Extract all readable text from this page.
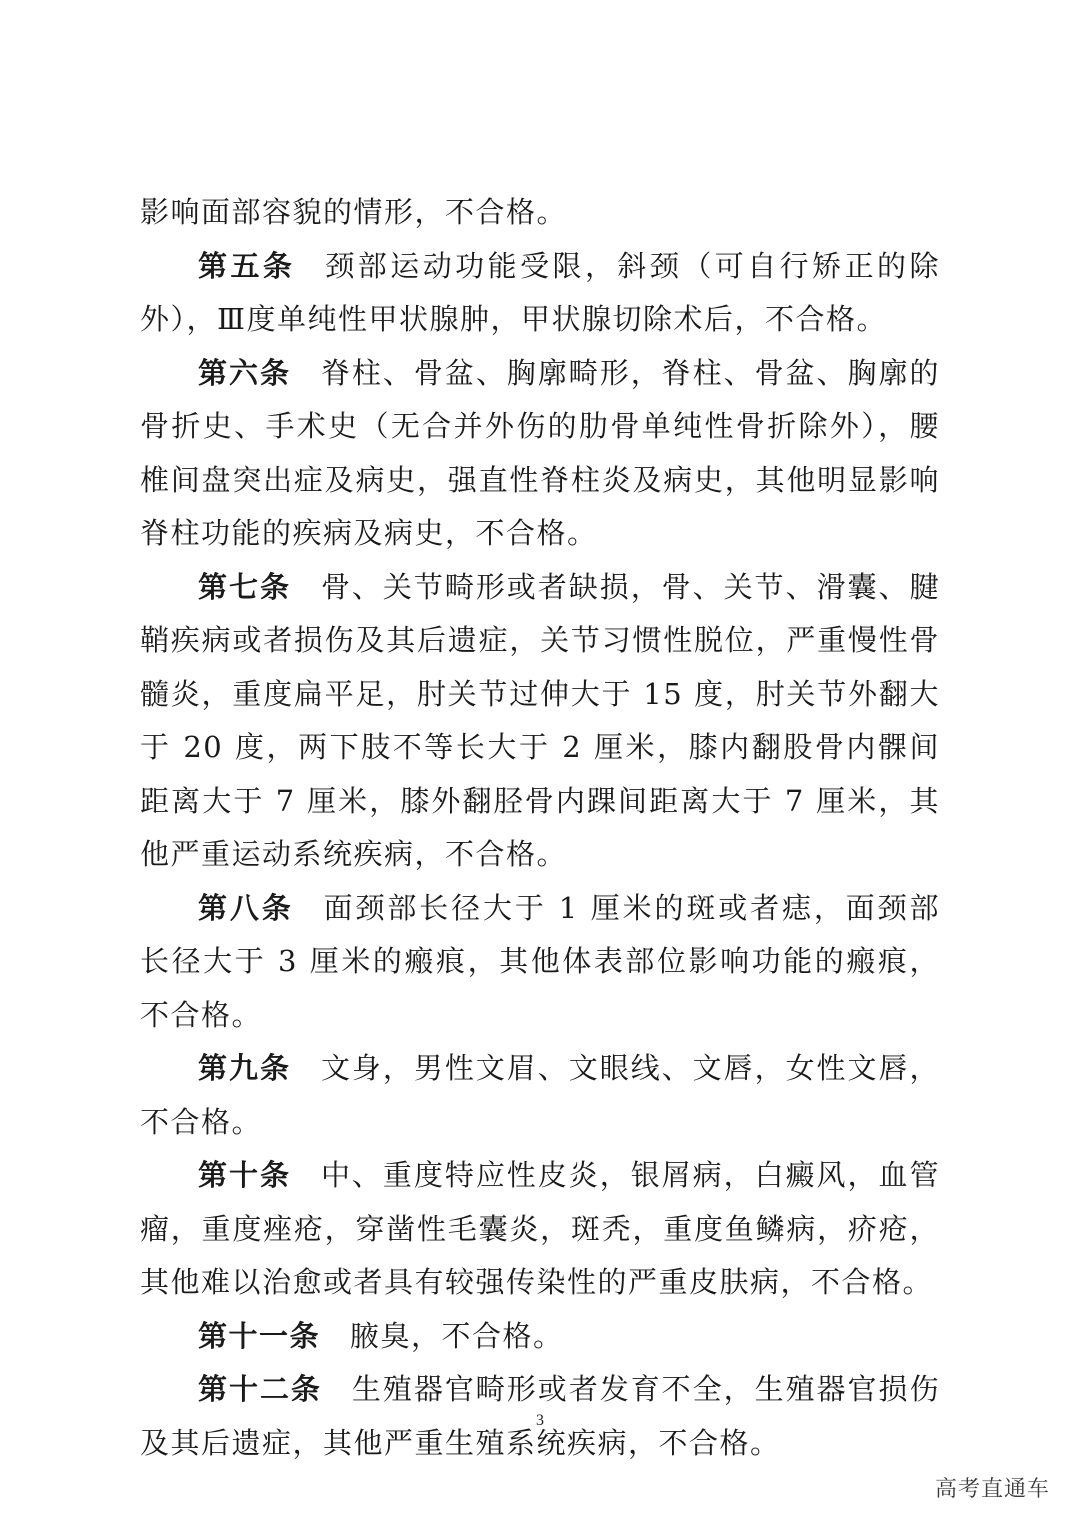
影响面部容貌的情形，不合格。

第五条 颈部运动功能受限，斜颈（可自行矫正的除外），Ⅲ度单纯性甲状腺肿，甲状腺切除术后，不合格。

第六条 脊柱、骨盆、胸廓畸形，脊柱、骨盆、胸廓的骨折史、手术史（无合并外伤的肋骨单纯性骨折除外），腰椎间盘突出症及病史，强直性脊柱炎及病史，其他明显影响脊柱功能的疾病及病史，不合格。

第七条 骨、关节畸形或者缺损，骨、关节、滑囊、腱鞘疾病或者损伤及其后遗症，关节习惯性脱位，严重慢性骨髓炎，重度扁平足，肘关节过伸大于 15 度，肘关节外翻大于 20 度，两下肢不等长大于 2 厘米，膝内翻股骨内髁间距离大于 7 厘米，膝外翻胫骨内踝间距离大于 7 厘米，其他严重运动系统疾病，不合格。

第八条 面颈部长径大于 1 厘米的斑或者痣，面颈部长径大于 3 厘米的瘢痕，其他体表部位影响功能的瘢痕，不合格。

第九条 文身，男性文眉、文眼线、文唇，女性文唇，不合格。

第十条 中、重度特应性皮炎，银屑病，白癜风，血管瘤，重度痤疮，穿凿性毛囊炎，斑秃，重度鱼鳞病，疥疮，其他难以治愈或者具有较强传染性的严重皮肤病，不合格。

第十一条 腋臭，不合格。

第十二条 生殖器官畸形或者发育不全，生殖器官损伤及其后遗症，其他严重生殖系统疾病，不合格。

3
高考直通车
